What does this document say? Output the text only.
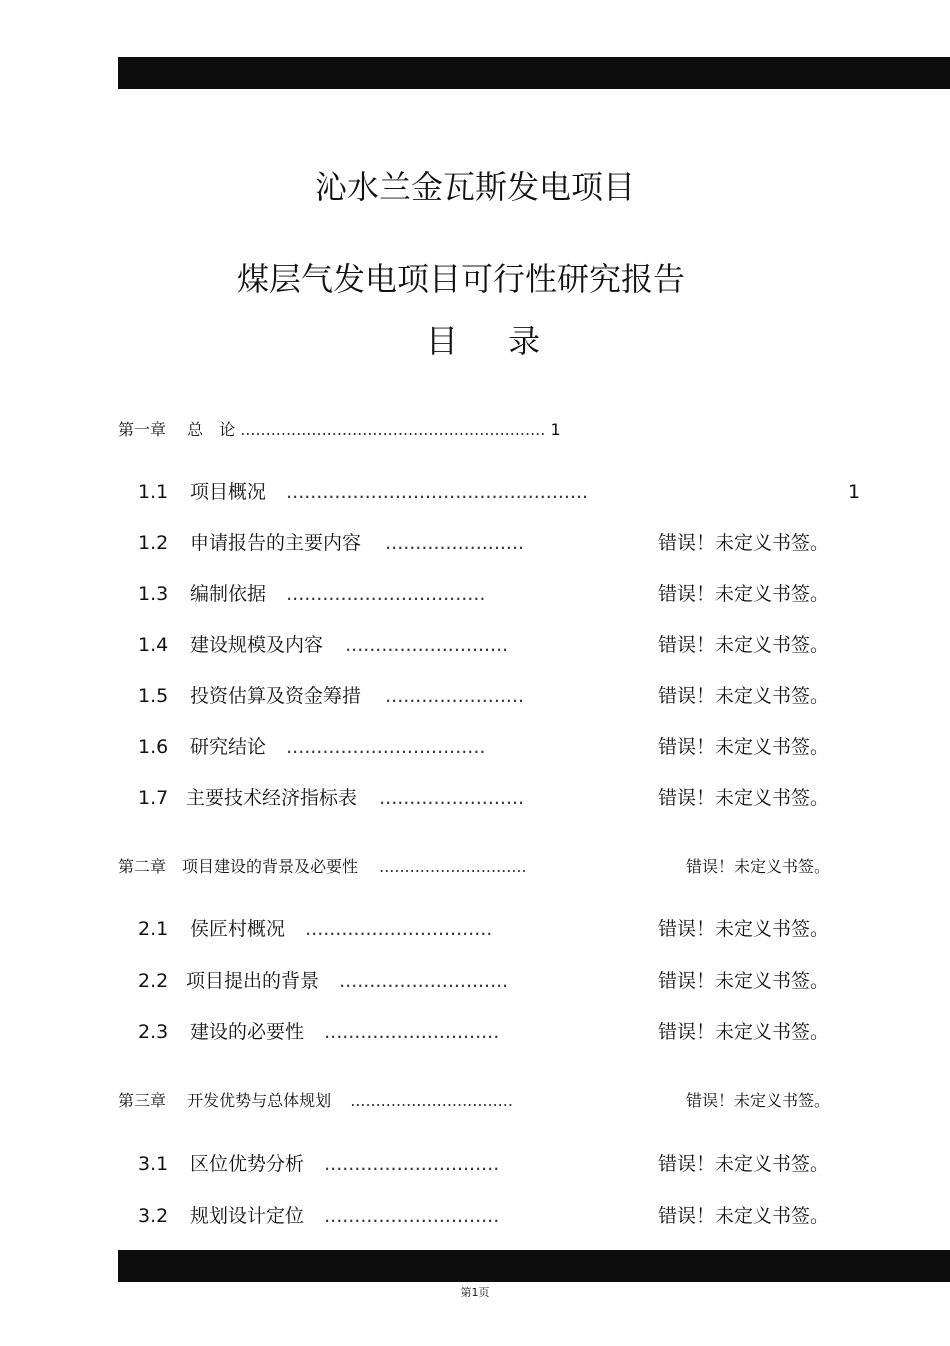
沁水兰金瓦斯发电项目
煤层气发电项目可行性研究报告
目 录
第一章　 总　论 ............................................................ 1
1.1 项目概况 ..................................................	1
1.2 申请报告的主要内容 .......................	错误！未定义书签。
1.3 编制依据 .................................	错误！未定义书签。
1.4 建设规模及内容 ...........................	错误！未定义书签。
1.5 投资估算及资金筹措 .......................	错误！未定义书签。
1.6 研究结论 .................................	错误！未定义书签。
1.7 主要技术经济指标表 ........................	错误！未定义书签。
第二章　项目建设的背景及必要性 .............................	错误！未定义书签。
2.1 侯匠村概况 ...............................	错误！未定义书签。
2.2 项目提出的背景 ............................	错误！未定义书签。
2.3 建设的必要性 .............................	错误！未定义书签。
第三章　 开发优势与总体规划 ................................	错误！未定义书签。
3.1 区位优势分析 .............................	错误！未定义书签。
3.2 规划设计定位 .............................	错误！未定义书签。
第1页
